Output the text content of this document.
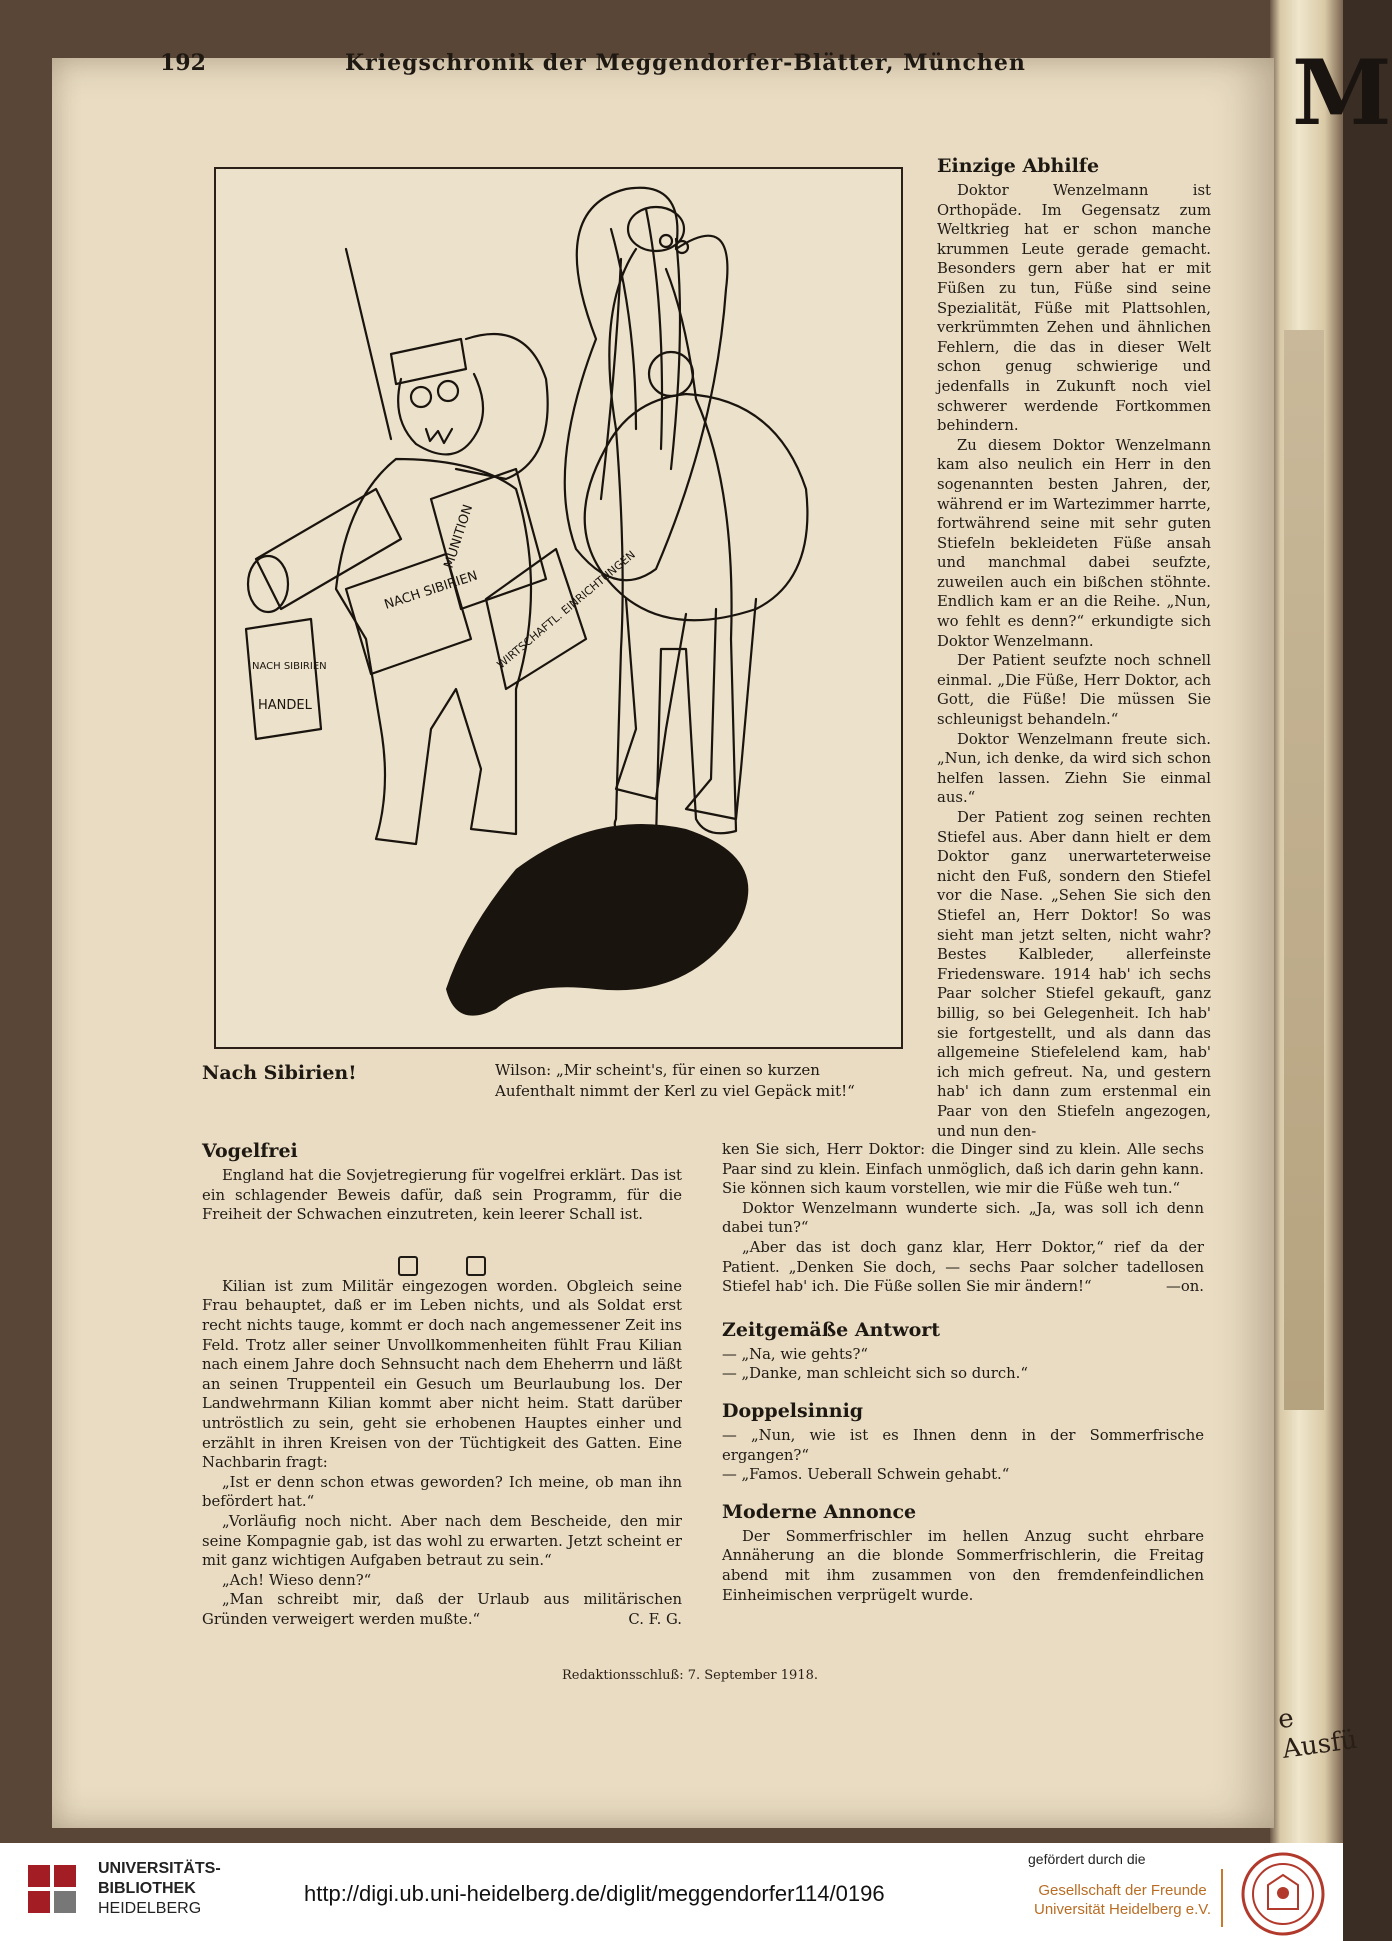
M
e Ausfü
192	Kriegschronik der Meggendorfer-Blätter, München
NACH SIBIRIEN
MUNITION
WIRTSCHAFTL. EINRICHTUNGEN
NACH SIBIRIEN
HANDEL
Nach Sibirien!	Wilson: „Mir scheint's, für einen so kurzen
Aufenthalt nimmt der Kerl zu viel Gepäck mit!“
Einzige Abhilfe

Doktor Wenzelmann ist Orthopäde. Im Gegensatz zum Weltkrieg hat er schon manche krummen Leute gerade gemacht. Besonders gern aber hat er mit Füßen zu tun, Füße sind seine Spezialität, Füße mit Plattsohlen, verkrümmten Zehen und ähnlichen Fehlern, die das in dieser Welt schon genug schwierige und jedenfalls in Zukunft noch viel schwerer werdende Fortkommen behindern.

Zu diesem Doktor Wenzelmann kam also neulich ein Herr in den sogenannten besten Jahren, der, während er im Wartezimmer harrte, fortwährend seine mit sehr guten Stiefeln bekleideten Füße ansah und manchmal dabei seufzte, zuweilen auch ein bißchen stöhnte. Endlich kam er an die Reihe. „Nun, wo fehlt es denn?“ erkundigte sich Doktor Wenzelmann.

Der Patient seufzte noch schnell einmal. „Die Füße, Herr Doktor, ach Gott, die Füße! Die müssen Sie schleunigst behandeln.“

Doktor Wenzelmann freute sich. „Nun, ich denke, da wird sich schon helfen lassen. Ziehn Sie einmal aus.“

Der Patient zog seinen rechten Stiefel aus. Aber dann hielt er dem Doktor ganz unerwarteterweise nicht den Fuß, sondern den Stiefel vor die Nase. „Sehen Sie sich den Stiefel an, Herr Doktor! So was sieht man jetzt selten, nicht wahr? Bestes Kalbleder, allerfeinste Friedensware. 1914 hab' ich sechs Paar solcher Stiefel gekauft, ganz billig, so bei Gelegenheit. Ich hab' sie fortgestellt, und als dann das allgemeine Stiefelelend kam, hab' ich mich gefreut. Na, und gestern hab' ich dann zum erstenmal ein Paar von den Stiefeln angezogen, und nun den-

Vogelfrei

England hat die Sovjetregierung für vogelfrei erklärt. Das ist ein schlagender Beweis dafür, daß sein Programm, für die Freiheit der Schwachen einzutreten, kein leerer Schall ist.

Kilian ist zum Militär eingezogen worden. Obgleich seine Frau behauptet, daß er im Leben nichts, und als Soldat erst recht nichts tauge, kommt er doch nach angemessener Zeit ins Feld. Trotz aller seiner Unvollkommenheiten fühlt Frau Kilian nach einem Jahre doch Sehnsucht nach dem Eheherrn und läßt an seinen Truppenteil ein Gesuch um Beurlaubung los. Der Landwehrmann Kilian kommt aber nicht heim. Statt darüber untröstlich zu sein, geht sie erhobenen Hauptes einher und erzählt in ihren Kreisen von der Tüchtigkeit des Gatten. Eine Nachbarin fragt:

„Ist er denn schon etwas geworden? Ich meine, ob man ihn befördert hat.“

„Vorläufig noch nicht. Aber nach dem Bescheide, den mir seine Kompagnie gab, ist das wohl zu erwarten. Jetzt scheint er mit ganz wichtigen Aufgaben betraut zu sein.“

„Ach! Wieso denn?“

„Man schreibt mir, daß der Urlaub aus militärischen Gründen verweigert werden mußte.“	C. F. G.

ken Sie sich, Herr Doktor: die Dinger sind zu klein. Alle sechs Paar sind zu klein. Einfach unmöglich, daß ich darin gehn kann. Sie können sich kaum vorstellen, wie mir die Füße weh tun.“

Doktor Wenzelmann wunderte sich. „Ja, was soll ich denn dabei tun?“

„Aber das ist doch ganz klar, Herr Doktor,“ rief da der Patient. „Denken Sie doch, — sechs Paar solcher tadellosen Stiefel hab' ich. Die Füße sollen Sie mir ändern!“	—on.

Zeitgemäße Antwort

— „Na, wie gehts?“

— „Danke, man schleicht sich so durch.“

Doppelsinnig

— „Nun, wie ist es Ihnen denn in der Sommerfrische ergangen?“

— „Famos. Ueberall Schwein gehabt.“

Moderne Annonce

Der Sommerfrischler im hellen Anzug sucht ehrbare Annäherung an die blonde Sommerfrischlerin, die Freitag abend mit ihm zusammen von den fremdenfeindlichen Einheimischen verprügelt wurde.

Redaktionsschluß: 7. September 1918.
UNIVERSITÄTS-
BIBLIOTHEK
HEIDELBERG
http://digi.ub.uni-heidelberg.de/diglit/meggendorfer114/0196
gefördert durch die
Gesellschaft der Freunde
Universität Heidelberg e.V.
